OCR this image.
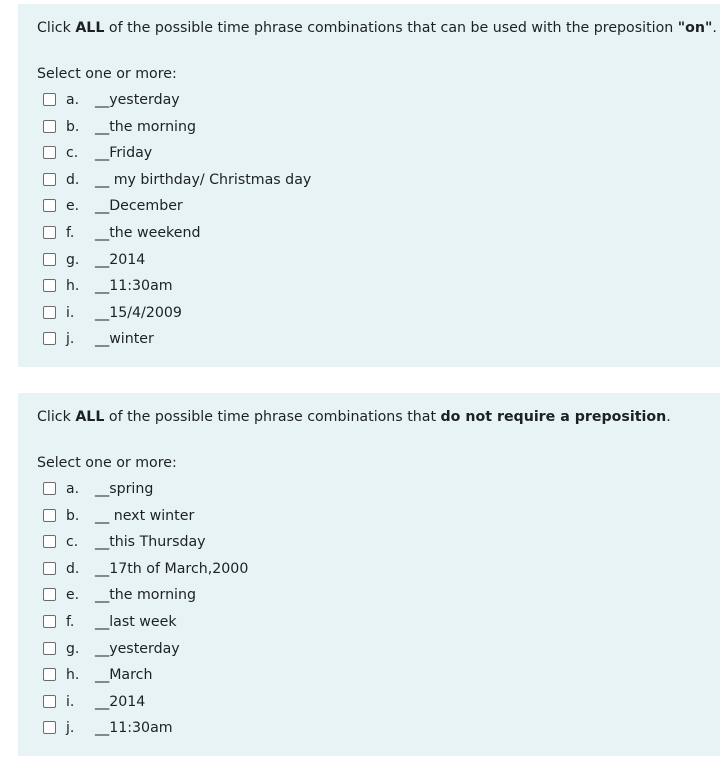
Click ALL of the possible time phrase combinations that can be used with the preposition "on".
Select one or more:
a. __yesterday
b. __the morning
c. __Friday
d. __ my birthday/ Christmas day
e. __December
f. __the weekend
g. __2014
h. __11:30am
i. __15/4/2009
j. __winter
Click ALL of the possible time phrase combinations that do not require a preposition.
Select one or more:
a. __spring
b. __ next winter
c. __this Thursday
d. __17th of March,2000
e. __the morning
f. __last week
g. __yesterday
h. __March
i. __2014
j. __11:30am
